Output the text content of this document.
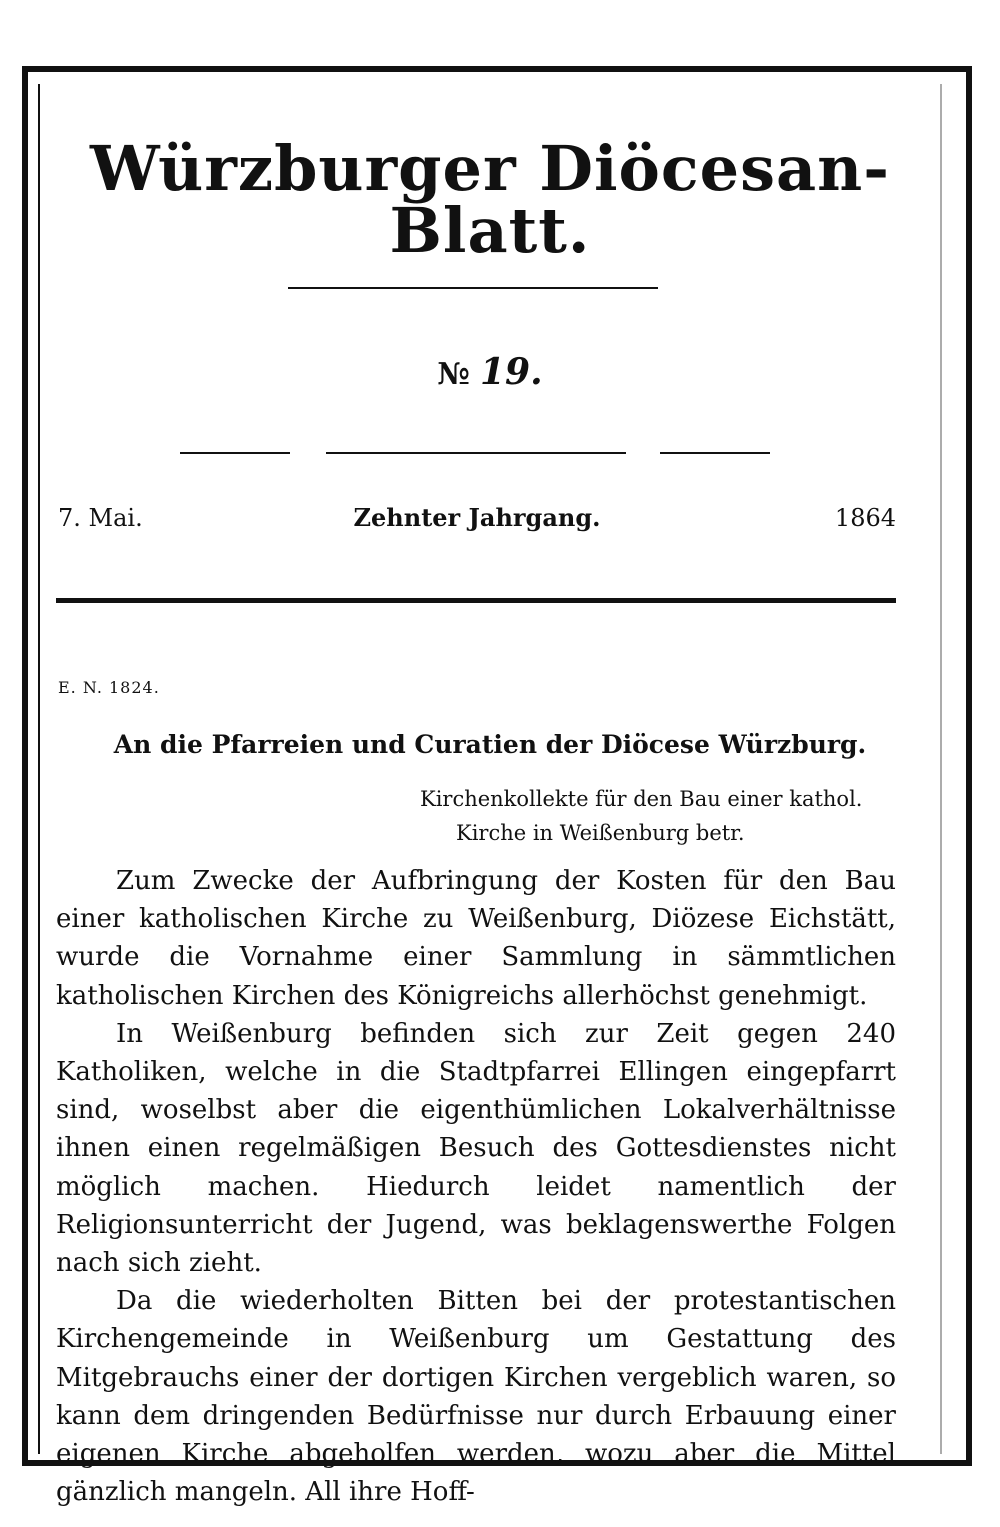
Würzburger Diöcesan-Blatt.
№ 19.
7. Mai.	Zehnter Jahrgang.	1864
E. N. 1824.
An die Pfarreien und Curatien der Diöcese Würzburg.
Kirchenkollekte für den Bau einer kathol.
Kirche in Weißenburg betr.

Zum Zwecke der Aufbringung der Kosten für den Bau einer katholischen Kirche zu Weißenburg, Diözese Eichstätt, wurde die Vornahme einer Sammlung in sämmtlichen katholischen Kirchen des Königreichs allerhöchst genehmigt.

In Weißenburg befinden sich zur Zeit gegen 240 Katholiken, welche in die Stadtpfarrei Ellingen eingepfarrt sind, woselbst aber die eigenthümlichen Lokalverhältnisse ihnen einen regelmäßigen Besuch des Gottesdienstes nicht möglich machen. Hiedurch leidet namentlich der Religionsunterricht der Jugend, was beklagenswerthe Folgen nach sich zieht.

Da die wiederholten Bitten bei der protestantischen Kirchengemeinde in Weißenburg um Gestattung des Mitgebrauchs einer der dortigen Kirchen vergeblich waren, so kann dem dringenden Bedürfnisse nur durch Erbauung einer eigenen Kirche abgeholfen werden, wozu aber die Mittel gänzlich mangeln. All ihre Hoff-
